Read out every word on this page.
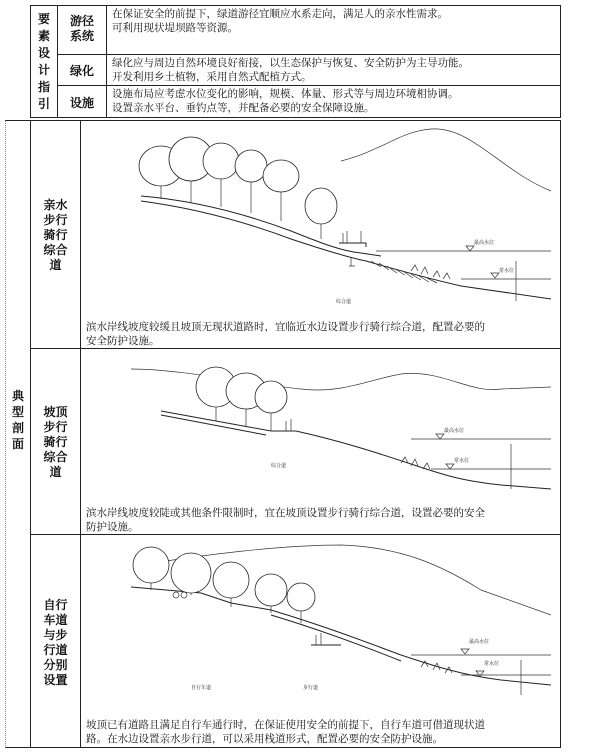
要
素
设
计
指
引
游径
系统
在保证安全的前提下，绿道游径宜顺应水系走向，满足人的亲水性需求。
可利用现状堤坝路等资源。
绿化
绿化应与周边自然环境良好衔接，以生态保护与恢复、安全防护为主导功能。
开发利用乡土植物，采用自然式配植方式。
设施
设施布局应考虑水位变化的影响，规模、体量、形式等与周边环境相协调。
设置亲水平台、垂钓点等，并配备必要的安全保障设施。
典
型
剖
面
亲水
步行
骑行
综合
道
坡顶
步行
骑行
综合
道
自行
车道
与步
行道
分别
设置
综合道
最高水位
常水位
滨水岸线坡度较缓且坡顶无现状道路时，宜临近水边设置步行骑行综合道，配置必要的
安全防护设施。
综合道
最高水位
常水位
滨水岸线坡度较陡或其他条件限制时，宜在坡顶设置步行骑行综合道，设置必要的安全
防护设施。
自行车道	步行道
最高水位
常水位
坡顶已有道路且满足自行车通行时，在保证使用安全的前提下，自行车道可借道现状道
路。在水边设置亲水步行道，可以采用栈道形式，配置必要的安全防护设施。
